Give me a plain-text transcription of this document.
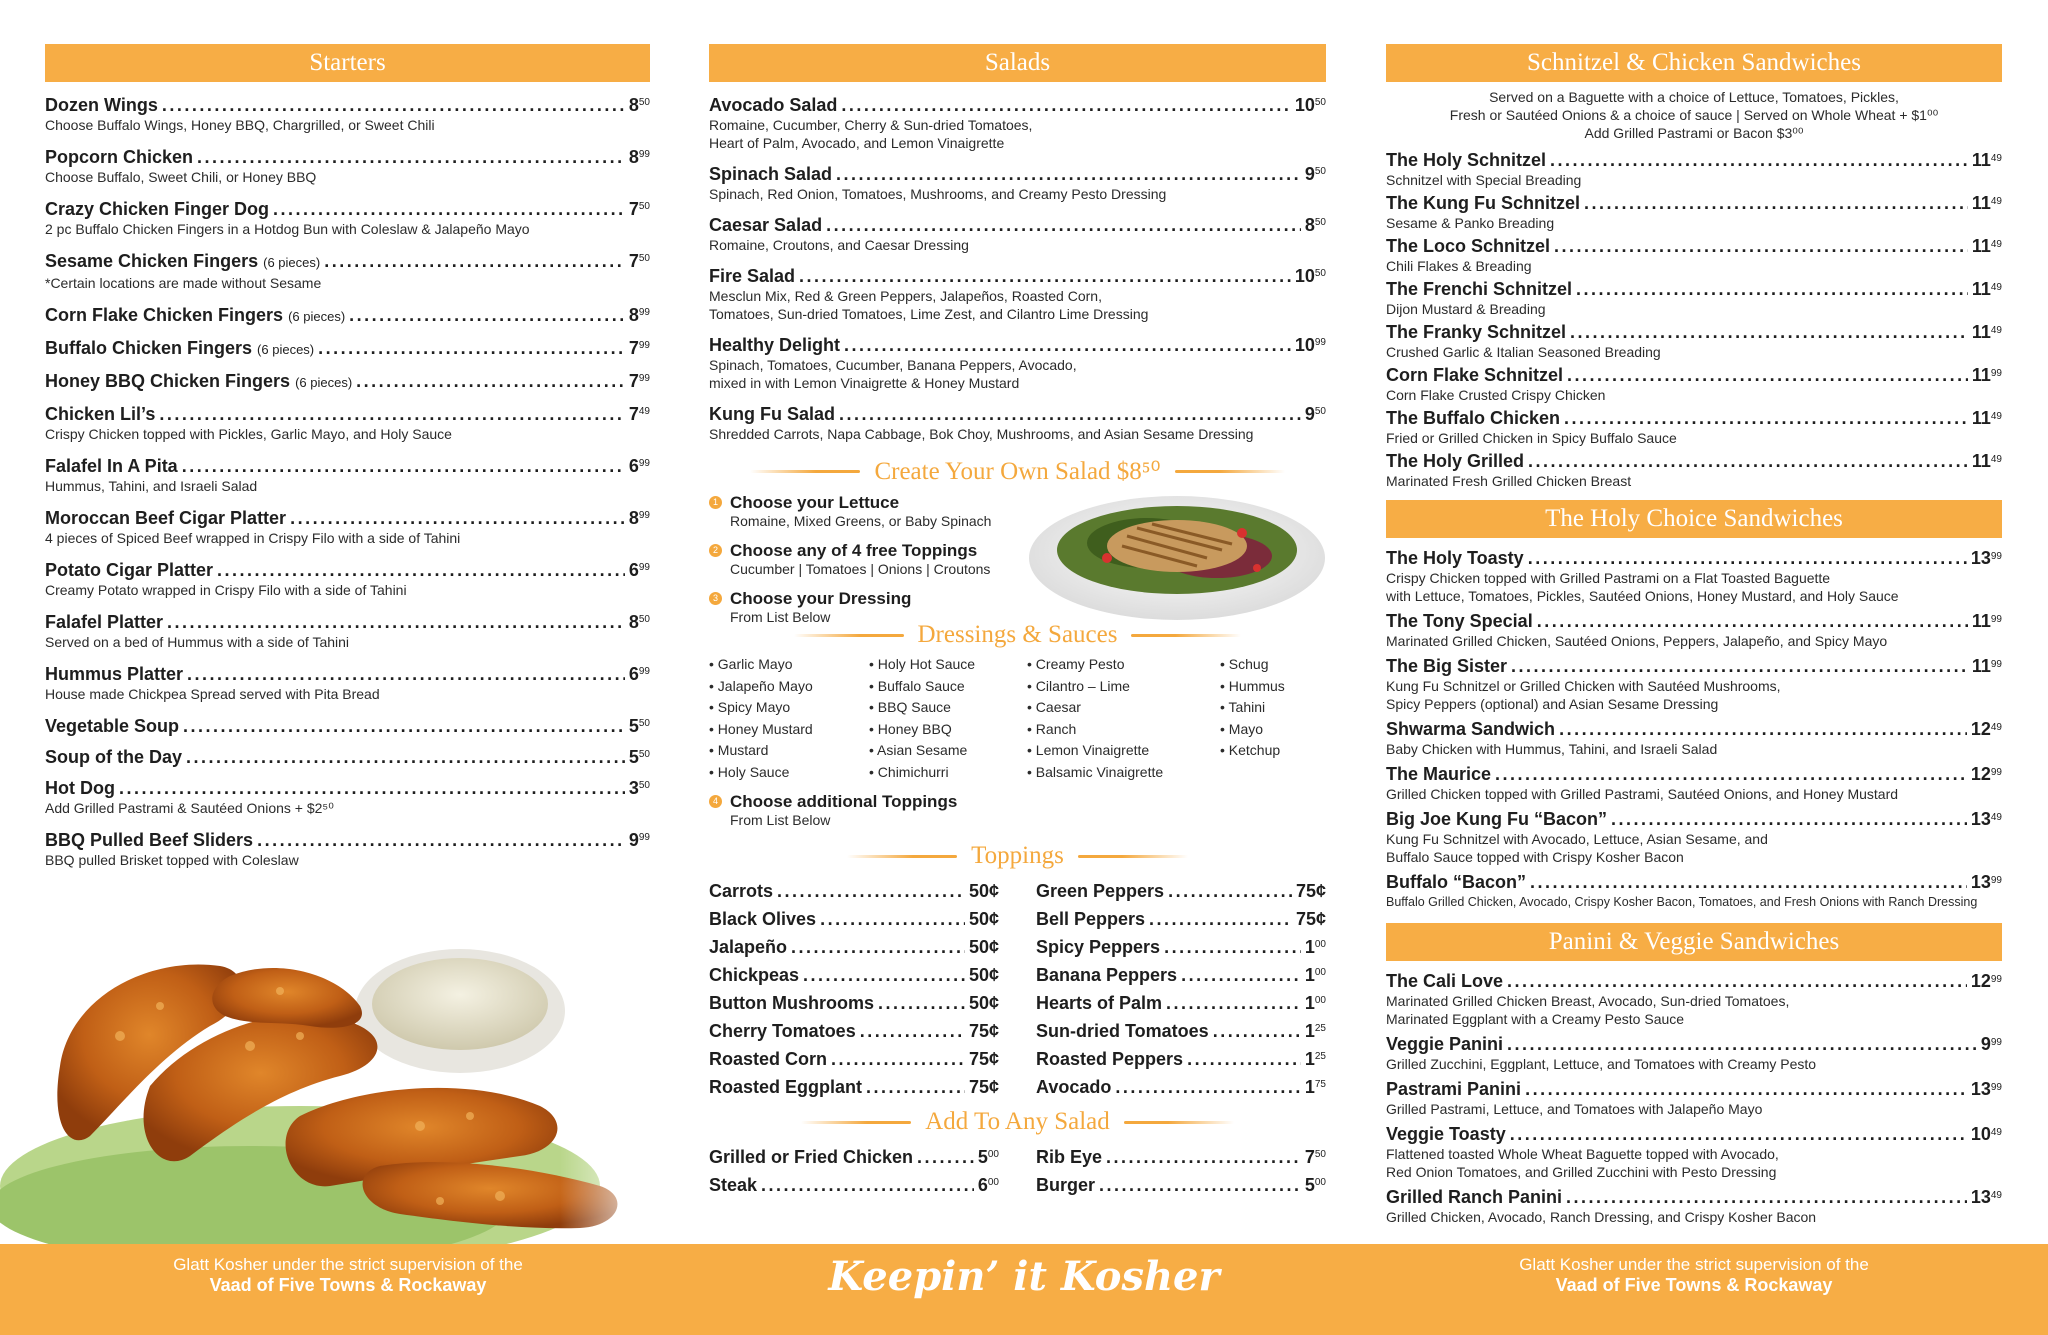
Starters
Dozen Wings .....	$8^{50}$
Choose Buffalo Wings, Honey BBQ, Chargrilled, or Sweet Chili
Popcorn Chicken .....	$8^{99}$
Choose Buffalo, Sweet Chili, or Honey BBQ
Crazy Chicken Finger Dog .....	$7^{50}$
2 pc Buffalo Chicken Fingers in a Hotdog Bun with Coleslaw & Jalapeño Mayo
Sesame Chicken Fingers (6 pieces) .....	$7^{50}$
*Certain locations are made without Sesame
Corn Flake Chicken Fingers (6 pieces) .....	$8^{99}$
Buffalo Chicken Fingers (6 pieces) .....	$7^{99}$
Honey BBQ Chicken Fingers (6 pieces) .....	$7^{99}$
Chicken Lil’s .....	$7^{49}$
Crispy Chicken topped with Pickles, Garlic Mayo, and Holy Sauce
Falafel In A Pita .....	$6^{99}$
Hummus, Tahini, and Israeli Salad
Moroccan Beef Cigar Platter .....	$8^{99}$
4 pieces of Spiced Beef wrapped in Crispy Filo with a side of Tahini
Potato Cigar Platter .....	$6^{99}$
Creamy Potato wrapped in Crispy Filo with a side of Tahini
Falafel Platter .....	$8^{50}$
Served on a bed of Hummus with a side of Tahini
Hummus Platter .....	$6^{99}$
House made Chickpea Spread served with Pita Bread
Vegetable Soup .....	$5^{50}$
Soup of the Day .....	$5^{50}$
Hot Dog .....	$3^{50}$
Add Grilled Pastrami & Sautéed Onions + $2⁵⁰
BBQ Pulled Beef Sliders .....	$9^{99}$
BBQ pulled Brisket topped with Coleslaw
Salads
Avocado Salad .....	$10^{50}$
Romaine, Cucumber, Cherry & Sun-dried Tomatoes,
Heart of Palm, Avocado, and Lemon Vinaigrette
Spinach Salad .....	$9^{50}$
Spinach, Red Onion, Tomatoes, Mushrooms, and Creamy Pesto Dressing
Caesar Salad .....	$8^{50}$
Romaine, Croutons, and Caesar Dressing
Fire Salad .....	$10^{50}$
Mesclun Mix, Red & Green Peppers, Jalapeños, Roasted Corn,
Tomatoes, Sun-dried Tomatoes, Lime Zest, and Cilantro Lime Dressing
Healthy Delight .....	$10^{99}$
Spinach, Tomatoes, Cucumber, Banana Peppers, Avocado,
mixed in with Lemon Vinaigrette & Honey Mustard
Kung Fu Salad .....	$9^{50}$
Shredded Carrots, Napa Cabbage, Bok Choy, Mushrooms, and Asian Sesame Dressing
Create Your Own Salad $8⁵⁰
1 Choose your Lettuce
Romaine, Mixed Greens, or Baby Spinach
2 Choose any of 4 free Toppings
Cucumber | Tomatoes | Onions | Croutons
3 Choose your Dressing
From List Below
Dressings & Sauces
• Garlic Mayo	• Holy Hot Sauce	• Creamy Pesto	• Schug
• Jalapeño Mayo	• Buffalo Sauce	• Cilantro – Lime	• Hummus
• Spicy Mayo	• BBQ Sauce	• Caesar	• Tahini
• Honey Mustard	• Honey BBQ	• Ranch	• Mayo
• Mustard	• Asian Sesame	• Lemon Vinaigrette	• Ketchup
• Holy Sauce	• Chimichurri	• Balsamic Vinaigrette
4 Choose additional Toppings
From List Below
Toppings
Carrots .....	50¢ Green Peppers .....	75¢
Black Olives .....	50¢ Bell Peppers .....	75¢
Jalapeño .....	50¢ Spicy Peppers .....	$1^{00}$
Chickpeas .....	50¢ Banana Peppers .....	$1^{00}$
Button Mushrooms .....	50¢ Hearts of Palm .....	$1^{00}$
Cherry Tomatoes .....	75¢ Sun-dried Tomatoes .....	$1^{25}$
Roasted Corn .....	75¢ Roasted Peppers .....	$1^{25}$
Roasted Eggplant .....	75¢ Avocado .....	$1^{75}$
Add To Any Salad
Grilled or Fried Chicken .....	$5^{00}$ Rib Eye .....	$7^{50}$
Steak .....	$6^{00}$ Burger .....	$5^{00}$
Schnitzel & Chicken Sandwiches
Served on a Baguette with a choice of Lettuce, Tomatoes, Pickles,
Fresh or Sautéed Onions & a choice of sauce | Served on Whole Wheat + $1⁰⁰
Add Grilled Pastrami or Bacon $3⁰⁰
The Holy Schnitzel .....	$11^{49}$
Schnitzel with Special Breading
The Kung Fu Schnitzel .....	$11^{49}$
Sesame & Panko Breading
The Loco Schnitzel .....	$11^{49}$
Chili Flakes & Breading
The Frenchi Schnitzel .....	$11^{49}$
Dijon Mustard & Breading
The Franky Schnitzel .....	$11^{49}$
Crushed Garlic & Italian Seasoned Breading
Corn Flake Schnitzel .....	$11^{99}$
Corn Flake Crusted Crispy Chicken
The Buffalo Chicken .....	$11^{49}$
Fried or Grilled Chicken in Spicy Buffalo Sauce
The Holy Grilled .....	$11^{49}$
Marinated Fresh Grilled Chicken Breast
The Holy Choice Sandwiches
The Holy Toasty .....	$13^{99}$
Crispy Chicken topped with Grilled Pastrami on a Flat Toasted Baguette
with Lettuce, Tomatoes, Pickles, Sautéed Onions, Honey Mustard, and Holy Sauce
The Tony Special .....	$11^{99}$
Marinated Grilled Chicken, Sautéed Onions, Peppers, Jalapeño, and Spicy Mayo
The Big Sister .....	$11^{99}$
Kung Fu Schnitzel or Grilled Chicken with Sautéed Mushrooms,
Spicy Peppers (optional) and Asian Sesame Dressing
Shwarma Sandwich .....	$12^{49}$
Baby Chicken with Hummus, Tahini, and Israeli Salad
The Maurice .....	$12^{99}$
Grilled Chicken topped with Grilled Pastrami, Sautéed Onions, and Honey Mustard
Big Joe Kung Fu “Bacon” .....	$13^{49}$
Kung Fu Schnitzel with Avocado, Lettuce, Asian Sesame, and
Buffalo Sauce topped with Crispy Kosher Bacon
Buffalo “Bacon” .....	$13^{99}$
Buffalo Grilled Chicken, Avocado, Crispy Kosher Bacon, Tomatoes, and Fresh Onions with Ranch Dressing
Panini & Veggie Sandwiches
The Cali Love .....	$12^{99}$
Marinated Grilled Chicken Breast, Avocado, Sun-dried Tomatoes,
Marinated Eggplant with a Creamy Pesto Sauce
Veggie Panini .....	$9^{99}$
Grilled Zucchini, Eggplant, Lettuce, and Tomatoes with Creamy Pesto
Pastrami Panini .....	$13^{99}$
Grilled Pastrami, Lettuce, and Tomatoes with Jalapeño Mayo
Veggie Toasty .....	$10^{49}$
Flattened toasted Whole Wheat Baguette topped with Avocado,
Red Onion Tomatoes, and Grilled Zucchini with Pesto Dressing
Grilled Ranch Panini .....	$13^{49}$
Grilled Chicken, Avocado, Ranch Dressing, and Crispy Kosher Bacon
Glatt Kosher under the strict supervision of the
Vaad of Five Towns & Rockaway	Keepin’ it Kosher	Glatt Kosher under the strict supervision of the
Vaad of Five Towns & Rockaway
